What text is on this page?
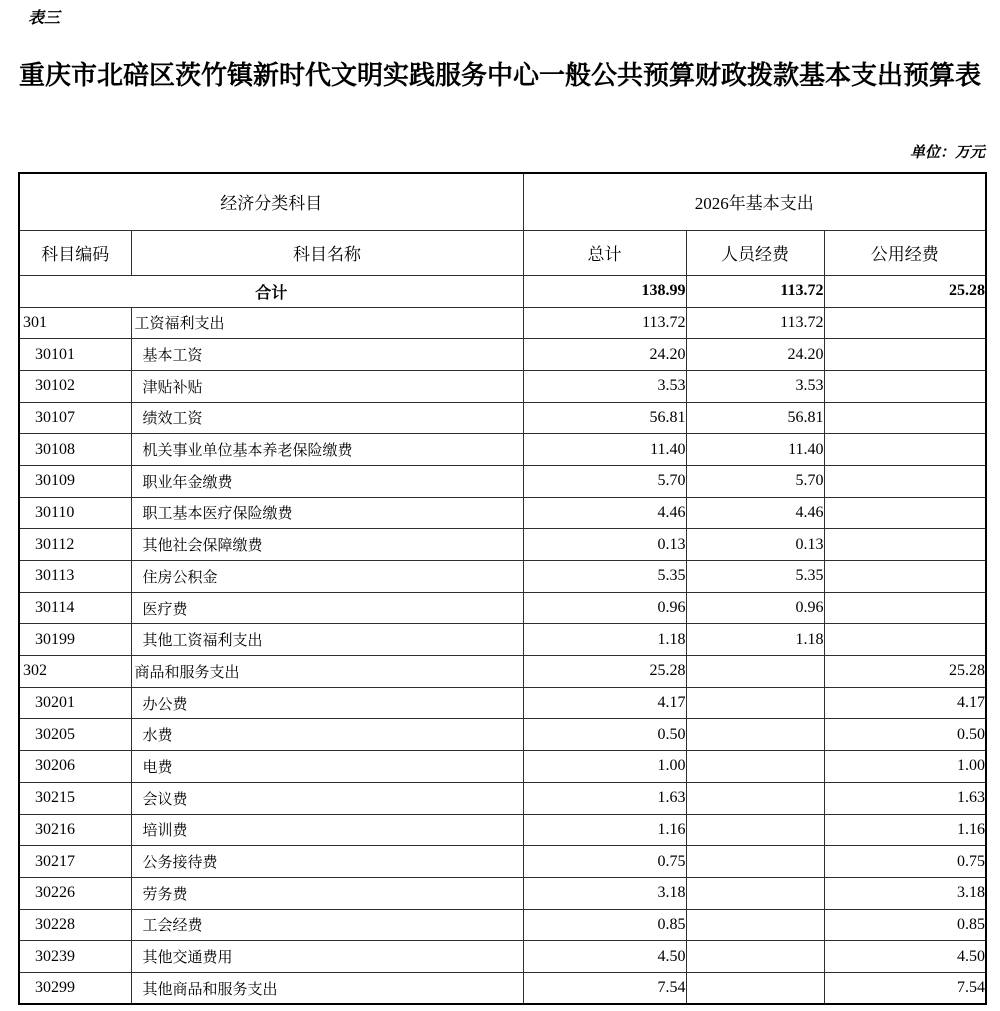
表三
重庆市北碚区茨竹镇新时代文明实践服务中心一般公共预算财政拨款基本支出预算表
单位：万元
经济分类科目		2026年基本支出		
科目编码	科目名称	总计	人员经费	公用经费
合计		138.99	113.72	25.28
301	工资福利支出	113.72	113.72	
30101	基本工资	24.20	24.20	
30102	津贴补贴	3.53	3.53	
30107	绩效工资	56.81	56.81	
30108	机关事业单位基本养老保险缴费	11.40	11.40	
30109	职业年金缴费	5.70	5.70	
30110	职工基本医疗保险缴费	4.46	4.46	
30112	其他社会保障缴费	0.13	0.13	
30113	住房公积金	5.35	5.35	
30114	医疗费	0.96	0.96	
30199	其他工资福利支出	1.18	1.18	
302	商品和服务支出	25.28		25.28
30201	办公费	4.17		4.17
30205	水费	0.50		0.50
30206	电费	1.00		1.00
30215	会议费	1.63		1.63
30216	培训费	1.16		1.16
30217	公务接待费	0.75		0.75
30226	劳务费	3.18		3.18
30228	工会经费	0.85		0.85
30239	其他交通费用	4.50		4.50
30299	其他商品和服务支出	7.54		7.54
